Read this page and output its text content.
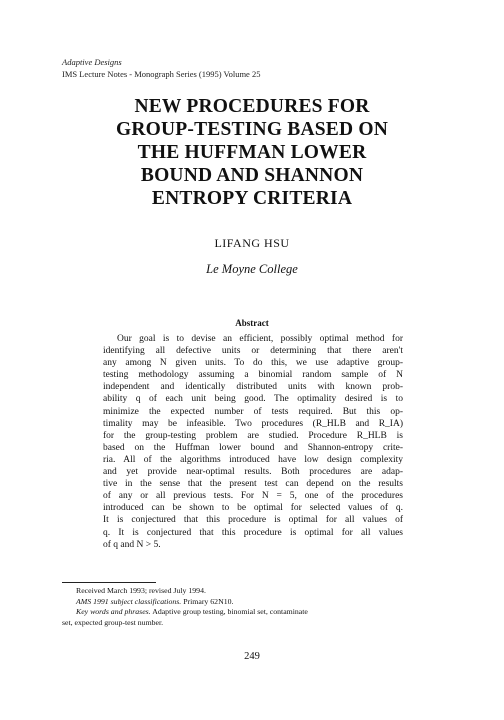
Adaptive Designs
IMS Lecture Notes - Monograph Series (1995) Volume 25
NEW PROCEDURES FOR
GROUP-TESTING BASED ON
THE HUFFMAN LOWER
BOUND AND SHANNON
ENTROPY CRITERIA
LIFANG HSU
Le Moyne College
Abstract
Our goal is to devise an efficient, possibly optimal method for
identifying all defective units or determining that there aren't
any among N given units. To do this, we use adaptive group-
testing methodology assuming a binomial random sample of N
independent and identically distributed units with known prob-
ability q of each unit being good. The optimality desired is to
minimize the expected number of tests required. But this op-
timality may be infeasible. Two procedures (R_HLB and R_IA)
for the group-testing problem are studied. Procedure R_HLB is
based on the Huffman lower bound and Shannon-entropy crite-
ria. All of the algorithms introduced have low design complexity
and yet provide near-optimal results. Both procedures are adap-
tive in the sense that the present test can depend on the results
of any or all previous tests. For N = 5, one of the procedures
introduced can be shown to be optimal for selected values of q.
It is conjectured that this procedure is optimal for all values of
q. It is conjectured that this procedure is optimal for all values
of q and N > 5.
Received March 1993; revised July 1994.
AMS 1991 subject classifications. Primary 62N10.
Key words and phrases. Adaptive group testing, binomial set, contaminate
set, expected group-test number.
249
